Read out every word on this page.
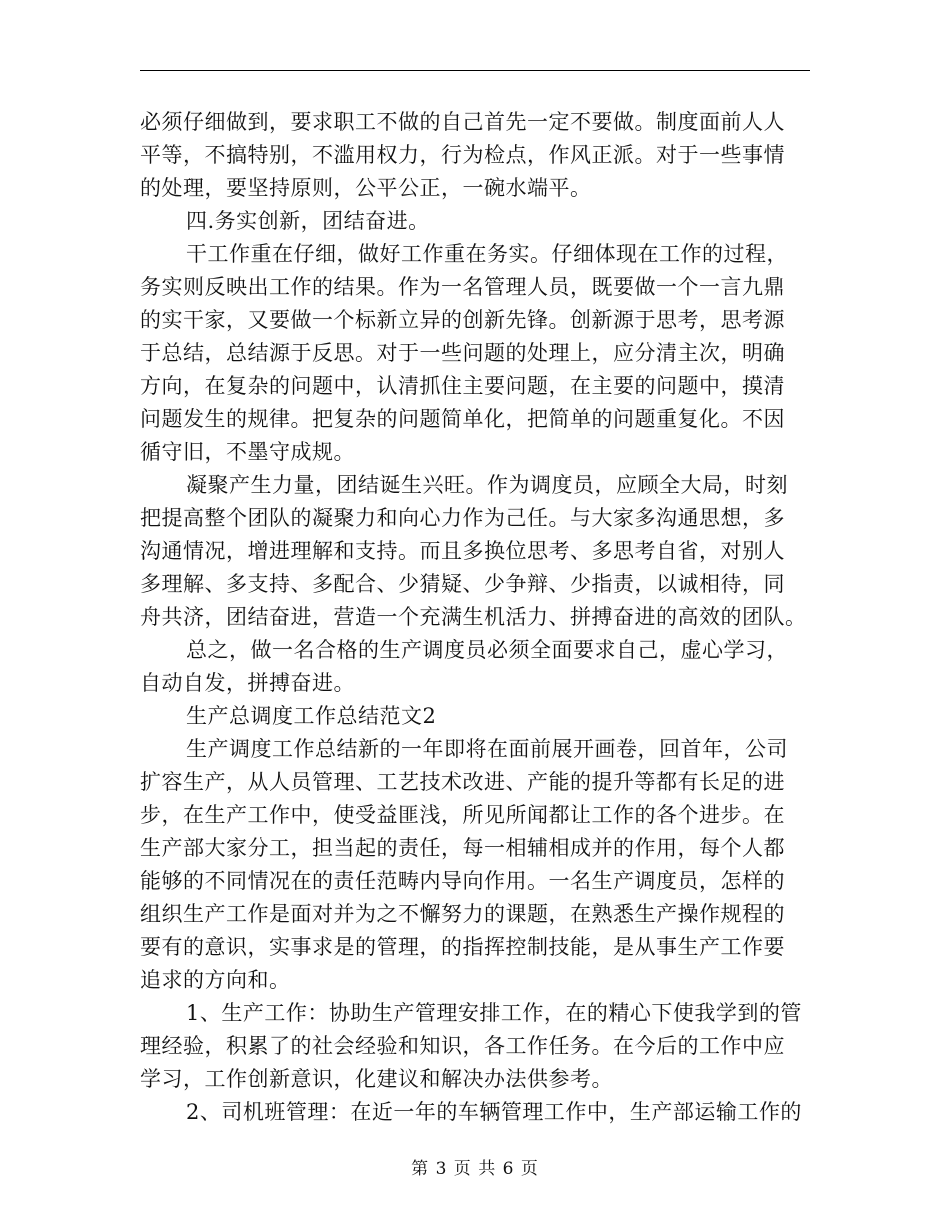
必须仔细做到，要求职工不做的自己首先一定不要做。制度面前人人
平等，不搞特别，不滥用权力，行为检点，作风正派。对于一些事情
的处理，要坚持原则，公平公正，一碗水端平。
四.务实创新，团结奋进。
干工作重在仔细，做好工作重在务实。仔细体现在工作的过程，
务实则反映出工作的结果。作为一名管理人员，既要做一个一言九鼎
的实干家，又要做一个标新立异的创新先锋。创新源于思考，思考源
于总结，总结源于反思。对于一些问题的处理上，应分清主次，明确
方向，在复杂的问题中，认清抓住主要问题，在主要的问题中，摸清
问题发生的规律。把复杂的问题简单化，把简单的问题重复化。不因
循守旧，不墨守成规。
凝聚产生力量，团结诞生兴旺。作为调度员，应顾全大局，时刻
把提高整个团队的凝聚力和向心力作为己任。与大家多沟通思想，多
沟通情况，增进理解和支持。而且多换位思考、多思考自省，对别人
多理解、多支持、多配合、少猜疑、少争辩、少指责，以诚相待，同
舟共济，团结奋进，营造一个充满生机活力、拼搏奋进的高效的团队。
总之，做一名合格的生产调度员必须全面要求自己，虚心学习，
自动自发，拼搏奋进。
生产总调度工作总结范文2
生产调度工作总结新的一年即将在面前展开画卷，回首年，公司
扩容生产，从人员管理、工艺技术改进、产能的提升等都有长足的进
步，在生产工作中，使受益匪浅，所见所闻都让工作的各个进步。在
生产部大家分工，担当起的责任，每一相辅相成并的作用，每个人都
能够的不同情况在的责任范畴内导向作用。一名生产调度员，怎样的
组织生产工作是面对并为之不懈努力的课题，在熟悉生产操作规程的
要有的意识，实事求是的管理，的指挥控制技能，是从事生产工作要
追求的方向和。
1、生产工作：协助生产管理安排工作，在的精心下使我学到的管
理经验，积累了的社会经验和知识，各工作任务。在今后的工作中应
学习，工作创新意识，化建议和解决办法供参考。
2、司机班管理：在近一年的车辆管理工作中，生产部运输工作的
第 3 页 共 6 页
